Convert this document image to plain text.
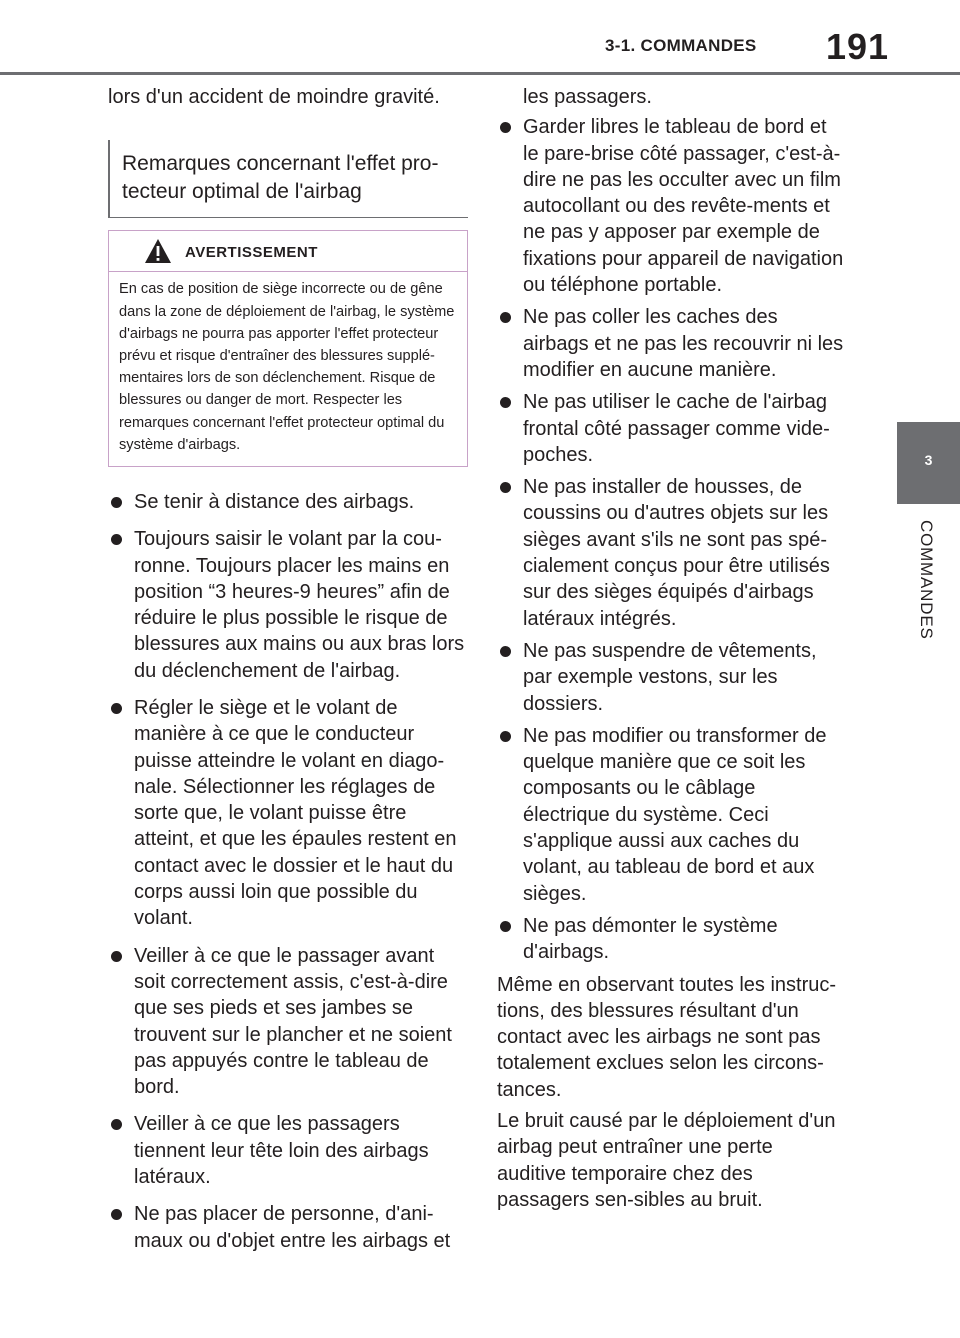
3-1. COMMANDES 191
3
COMMANDES

lors d'un accident de moindre gravité.

Remarques concernant l'effet pro-tecteur optimal de l'airbag
AVERTISSEMENT
En cas de position de siège incorrecte ou de gêne dans la zone de déploiement de l'airbag, le système d'airbags ne pourra pas apporter l'effet protecteur prévu et risque d'entraîner des blessures supplé-mentaires lors de son déclenchement. Risque de blessures ou danger de mort. Respecter les remarques concernant l'effet protecteur optimal du système d'airbags.
Se tenir à distance des airbags.
Toujours saisir le volant par la cou-ronne. Toujours placer les mains en position “3 heures-9 heures” afin de réduire le plus possible le risque de blessures aux mains ou aux bras lors du déclenchement de l'airbag.
Régler le siège et le volant de manière à ce que le conducteur puisse atteindre le volant en diago-nale. Sélectionner les réglages de sorte que, le volant puisse être atteint, et que les épaules restent en contact avec le dossier et le haut du corps aussi loin que possible du volant.
Veiller à ce que le passager avant soit correctement assis, c'est-à-dire que ses pieds et ses jambes se trouvent sur le plancher et ne soient pas appuyés contre le tableau de bord.
Veiller à ce que les passagers tiennent leur tête loin des airbags latéraux.
Ne pas placer de personne, d'ani-maux ou d'objet entre les airbags et
les passagers.
Garder libres le tableau de bord et le pare-brise côté passager, c'est-à-dire ne pas les occulter avec un film autocollant ou des revête-ments et ne pas y apposer par exemple de fixations pour appareil de navigation ou téléphone portable.
Ne pas coller les caches des airbags et ne pas les recouvrir ni les modifier en aucune manière.
Ne pas utiliser le cache de l'airbag frontal côté passager comme vide-poches.
Ne pas installer de housses, de coussins ou d'autres objets sur les sièges avant s'ils ne sont pas spé-cialement conçus pour être utilisés sur des sièges équipés d'airbags latéraux intégrés.
Ne pas suspendre de vêtements, par exemple vestons, sur les dossiers.
Ne pas modifier ou transformer de quelque manière que ce soit les composants ou le câblage électrique du système. Ceci s'applique aussi aux caches du volant, au tableau de bord et aux sièges.
Ne pas démonter le système d'airbags.

Même en observant toutes les instruc-tions, des blessures résultant d'un contact avec les airbags ne sont pas totalement exclues selon les circons-tances.

Le bruit causé par le déploiement d'un airbag peut entraîner une perte auditive temporaire chez des passagers sen-sibles au bruit.
